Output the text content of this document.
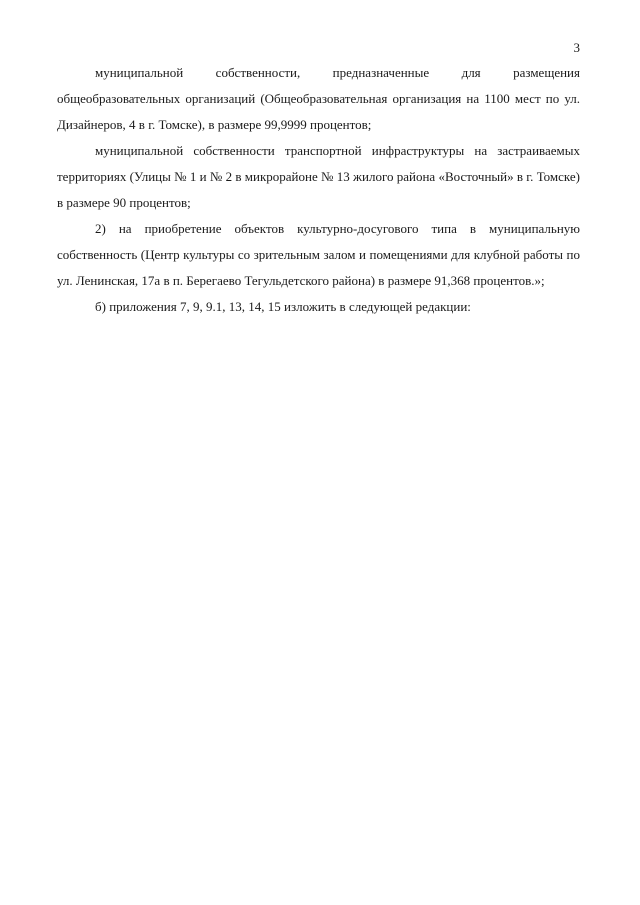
3

муниципальной собственности, предназначенные для размещения общеобразовательных организаций (Общеобразовательная организация на 1100 мест по ул. Дизайнеров, 4 в г. Томске), в размере 99,9999 процентов;

муниципальной собственности транспортной инфраструктуры на застраиваемых территориях (Улицы № 1 и № 2 в микрорайоне № 13 жилого района «Восточный» в г. Томске) в размере 90 процентов;

2) на приобретение объектов культурно-досугового типа в муниципальную собственность (Центр культуры со зрительным залом и помещениями для клубной работы по ул. Ленинская, 17а в п. Берегаево Тегульдетского района) в размере 91,368 процентов.»;

б) приложения 7, 9, 9.1, 13, 14, 15 изложить в следующей редакции:
